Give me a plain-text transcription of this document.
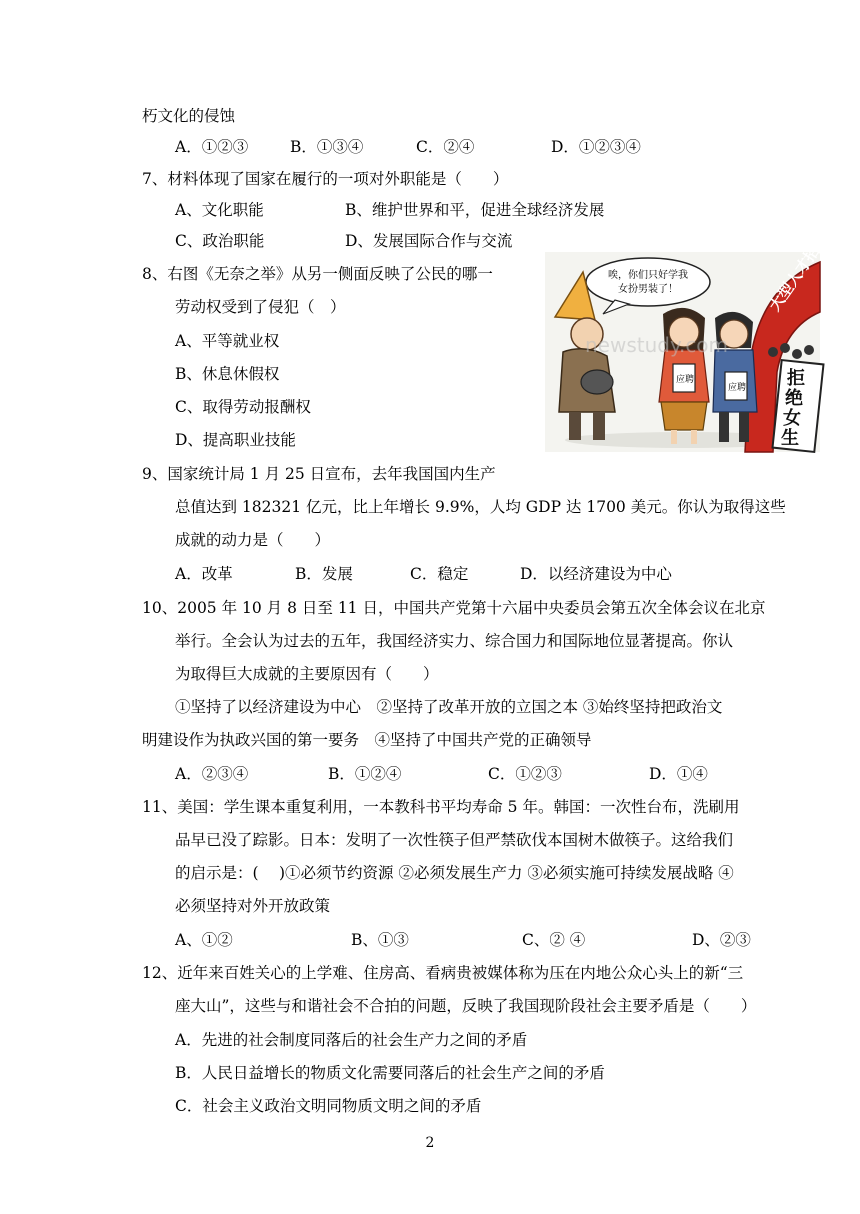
朽文化的侵蚀
A．①②③	B．①③④	C．②④	D．①②③④
7、材料体现了国家在履行的一项对外职能是（　　）
A、文化职能	B、维护世界和平，促进全球经济发展
C、政治职能	D、发展国际合作与交流
8、右图《无奈之举》从另一侧面反映了公民的哪一
劳动权受到了侵犯（　）
A、平等就业权
B、休息休假权
C、取得劳动报酬权
D、提高职业技能
大型人才招聘
拒
绝
女
生
唉，你们只好学我
女扮男装了！
应聘
应聘
newstudy.com
9、国家统计局 1 月 25 日宣布，去年我国国内生产
总值达到 182321 亿元，比上年增长 9.9%，人均 GDP 达 1700 美元。你认为取得这些
成就的动力是（　　）
A．改革	B．发展	C．稳定	D．以经济建设为中心
10、2005 年 10 月 8 日至 11 日，中国共产党第十六届中央委员会第五次全体会议在北京
举行。全会认为过去的五年，我国经济实力、综合国力和国际地位显著提高。你认
为取得巨大成就的主要原因有（　　）
①坚持了以经济建设为中心　②坚持了改革开放的立国之本 ③始终坚持把政治文
明建设作为执政兴国的第一要务　④坚持了中国共产党的正确领导
A．②③④	B．①②④	C．①②③	D．①④
11、美国：学生课本重复利用，一本教科书平均寿命 5 年。韩国：一次性台布，洗刷用
品早已没了踪影。日本：发明了一次性筷子但严禁砍伐本国树木做筷子。这给我们
的启示是：(　 )①必须节约资源 ②必须发展生产力 ③必须实施可持续发展战略 ④
必须坚持对外开放政策
A、①②	B、①③	C、② ④	D、②③
12、近年来百姓关心的上学难、住房高、看病贵被媒体称为压在内地公众心头上的新“三
座大山”，这些与和谐社会不合拍的问题，反映了我国现阶段社会主要矛盾是（　　）
A．先进的社会制度同落后的社会生产力之间的矛盾
B．人民日益增长的物质文化需要同落后的社会生产之间的矛盾
C．社会主义政治文明同物质文明之间的矛盾
2
